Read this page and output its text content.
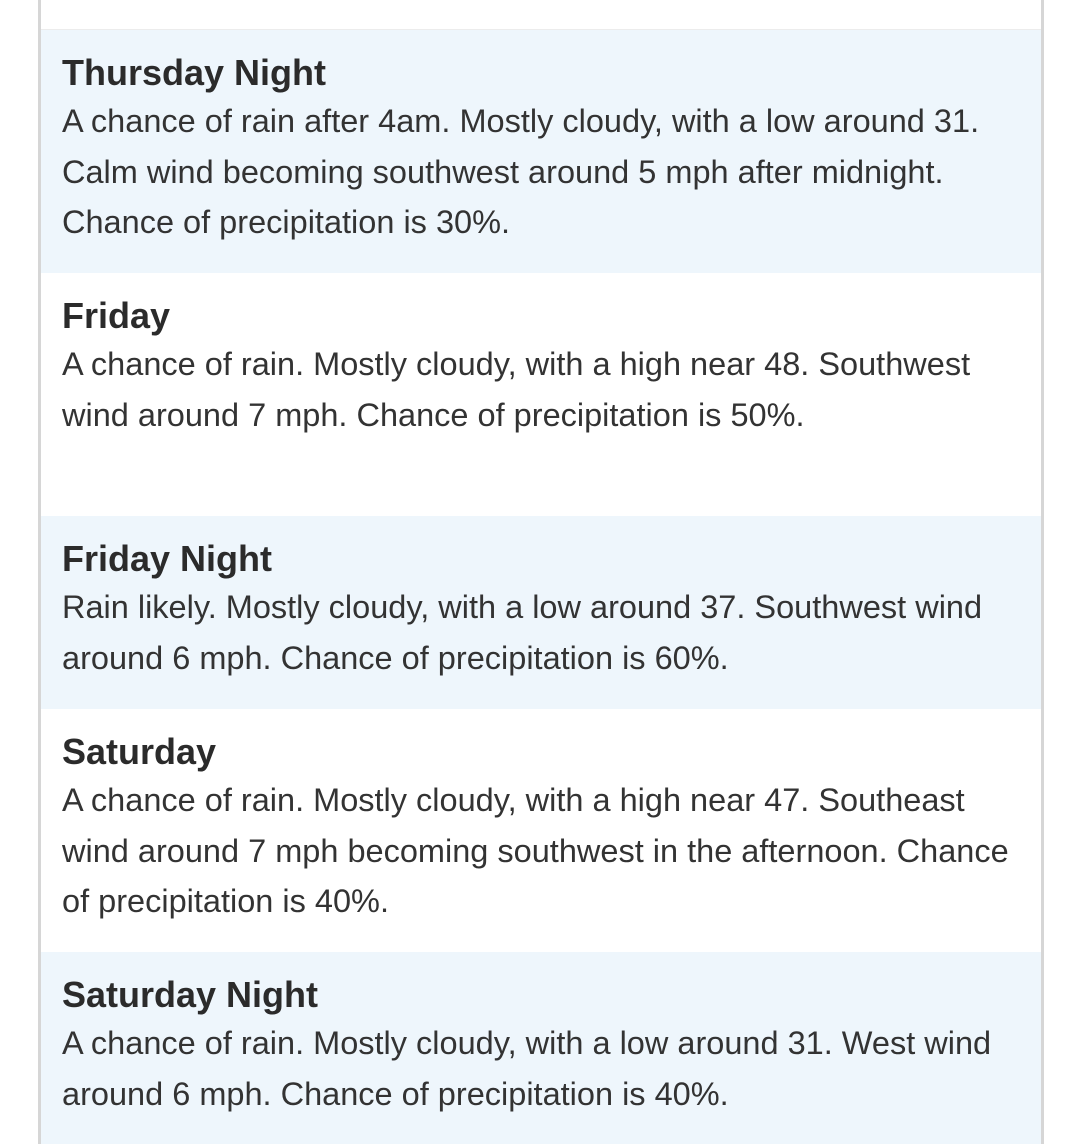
Thursday Night

A chance of rain after 4am. Mostly cloudy, with a low around 31. Calm wind becoming southwest around 5 mph after midnight. Chance of precipitation is 30%.

Friday

A chance of rain. Mostly cloudy, with a high near 48. Southwest wind around 7 mph. Chance of precipitation is 50%.

Friday Night

Rain likely. Mostly cloudy, with a low around 37. Southwest wind around 6 mph. Chance of precipitation is 60%.

Saturday

A chance of rain. Mostly cloudy, with a high near 47. Southeast wind around 7 mph becoming southwest in the afternoon. Chance of precipitation is 40%.

Saturday Night

A chance of rain. Mostly cloudy, with a low around 31. West wind around 6 mph. Chance of precipitation is 40%.
